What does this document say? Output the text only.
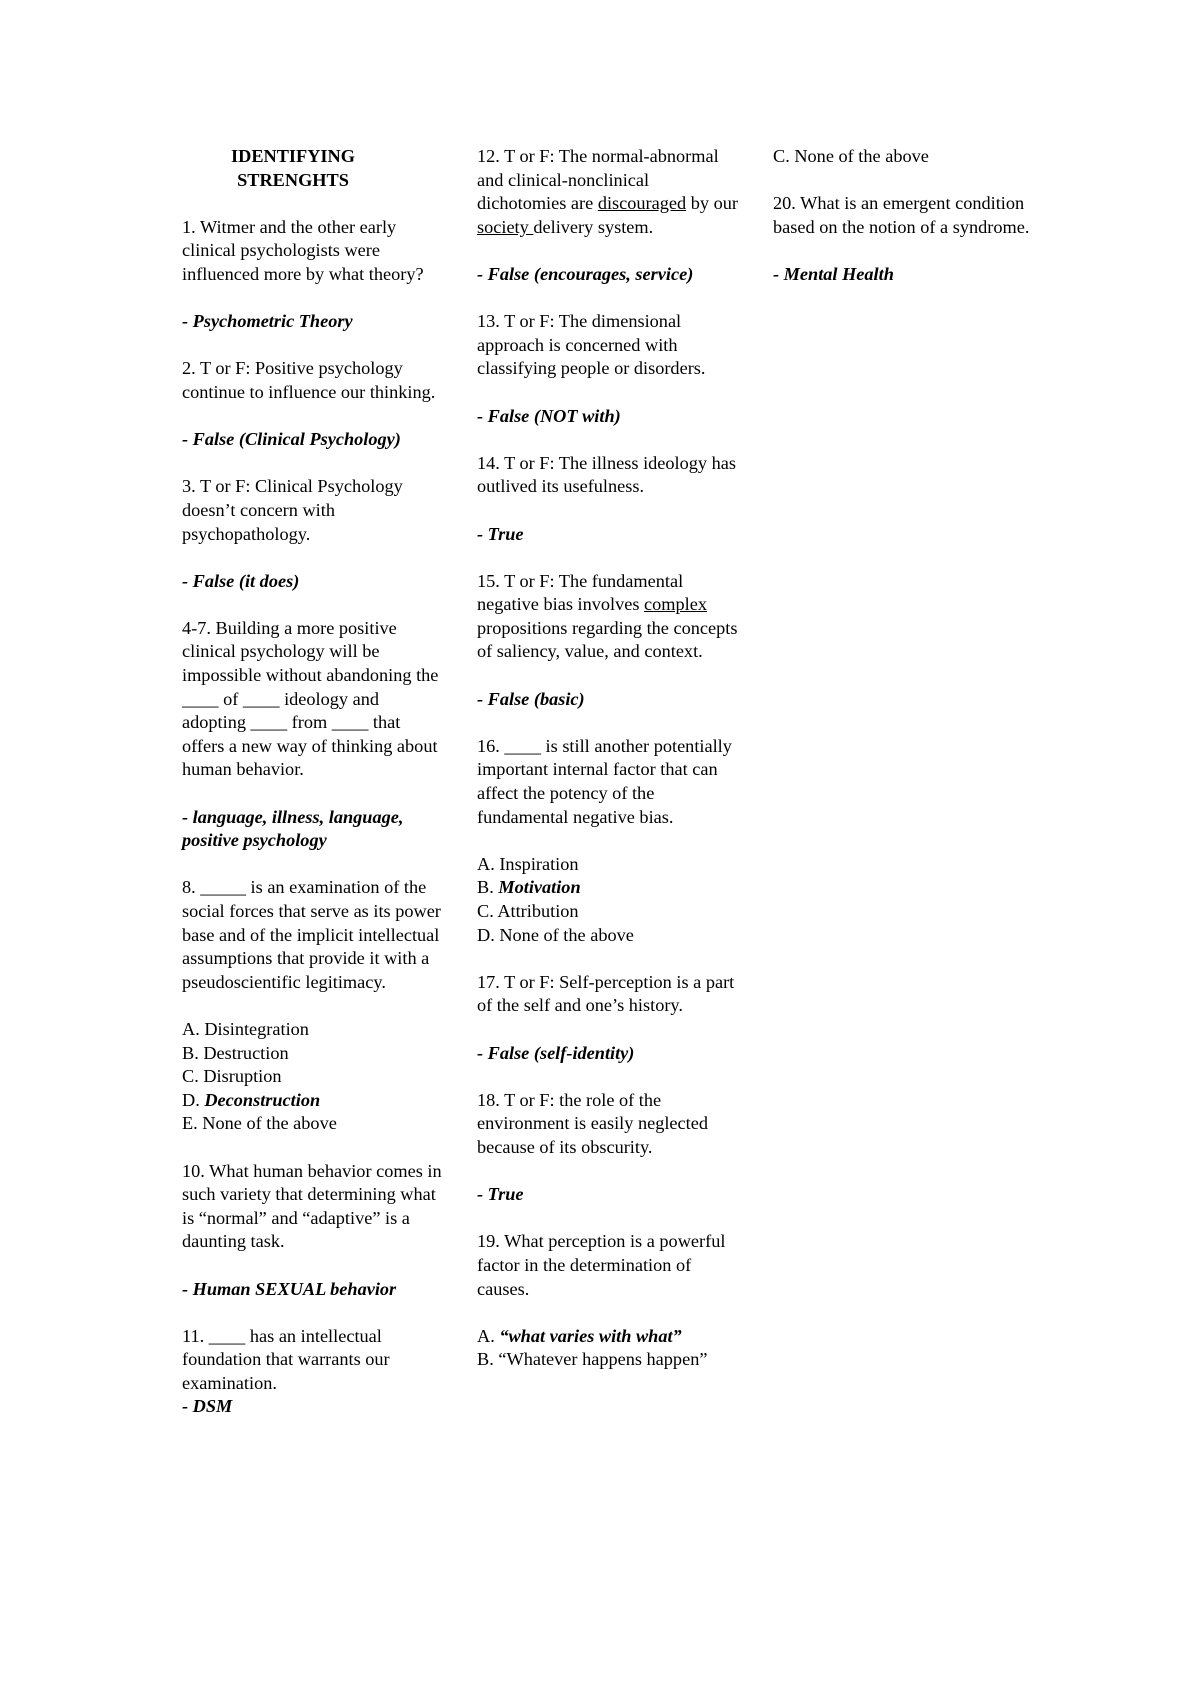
IDENTIFYING
STRENGHTS

1. Witmer and the other early clinical psychologists were influenced more by what theory?

- Psychometric Theory

2. T or F: Positive psychology continue to influence our thinking.

- False (Clinical Psychology)

3. T or F: Clinical Psychology doesn’t concern with psychopathology.

- False (it does)

4-7. Building a more positive clinical psychology will be impossible without abandoning the ____ of ____ ideology and adopting ____ from ____ that offers a new way of thinking about human behavior.

- language, illness, language, positive psychology

8. _____ is an examination of the social forces that serve as its power base and of the implicit intellectual assumptions that provide it with a pseudoscientific legitimacy.

A. Disintegration
B. Destruction
C. Disruption
D. Deconstruction
E. None of the above

10. What human behavior comes in such variety that determining what is “normal” and “adaptive” is a daunting task.

- Human SEXUAL behavior

11. ____ has an intellectual foundation that warrants our examination.

- DSM

12. T or F: The normal-abnormal and clinical-nonclinical dichotomies are discouraged by our society delivery system.

- False (encourages, service)

13. T or F: The dimensional approach is concerned with classifying people or disorders.

- False (NOT with)

14. T or F: The illness ideology has outlived its usefulness.

- True

15. T or F: The fundamental negative bias involves complex propositions regarding the concepts of saliency, value, and context.

- False (basic)

16. ____ is still another potentially important internal factor that can affect the potency of the fundamental negative bias.

A. Inspiration
B. Motivation
C. Attribution
D. None of the above

17. T or F: Self-perception is a part of the self and one’s history.

- False (self-identity)

18. T or F: the role of the environment is easily neglected because of its obscurity.

- True

19. What perception is a powerful factor in the determination of causes.

A. “what varies with what”
B. “Whatever happens happen”

C. None of the above

20. What is an emergent condition based on the notion of a syndrome.

- Mental Health
